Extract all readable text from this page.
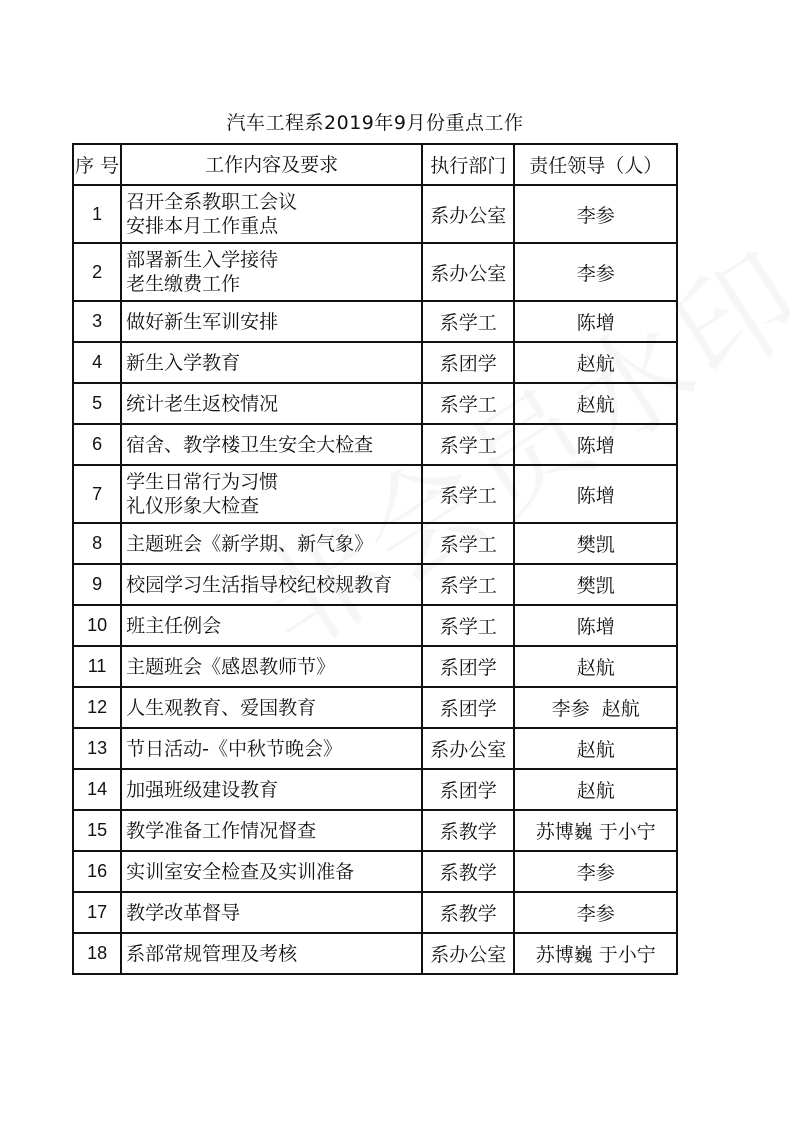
汽车工程系2019年9月份重点工作
序 号	工作内容及要求	执行部门	责任领导（人）
1	召开全系教职工会议
安排本月工作重点	系办公室	李参
2	部署新生入学接待
老生缴费工作	系办公室	李参
3	做好新生军训安排	系学工	陈增
4	新生入学教育	系团学	赵航
5	统计老生返校情况	系学工	赵航
6	宿舍、教学楼卫生安全大检查	系学工	陈增
7	学生日常行为习惯
礼仪形象大检查	系学工	陈增
8	主题班会《新学期、新气象》	系学工	樊凯
9	校园学习生活指导校纪校规教育	系学工	樊凯
10	班主任例会	系学工	陈增
11	主题班会《感恩教师节》	系团学	赵航
12	人生观教育、爱国教育	系团学	李参  赵航
13	节日活动-《中秋节晚会》	系办公室	赵航
14	加强班级建设教育	系团学	赵航
15	教学准备工作情况督查	系教学	苏博巍 于小宁
16	实训室安全检查及实训准备	系教学	李参
17	教学改革督导	系教学	李参
18	系部常规管理及考核	系办公室	苏博巍 于小宁
